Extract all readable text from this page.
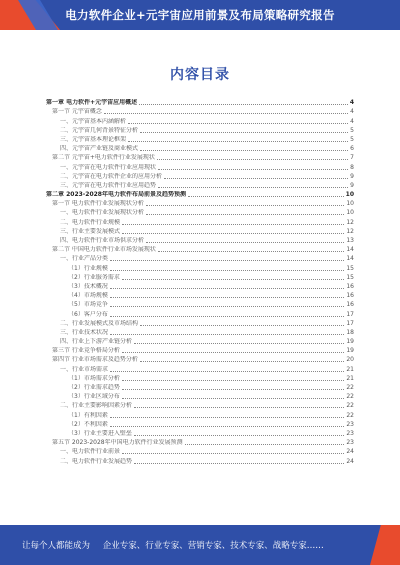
电力软件企业+元宇宙应用前景及布局策略研究报告
内容目录
第一章 电力软件+元宇宙应用概述	4
第一节 元宇宙概念	4
一、元宇宙基本内涵解析	4
二、元宇宙几何背景特征分析	5
三、元宇宙基本理论框架	5
四、元宇宙产业链及商业模式	6
第二节 元宇宙+电力软件行业发展现状	7
一、元宇宙在电力软件行业应用现状	8
二、元宇宙在电力软件企业的应用分析	9
三、元宇宙在电力软件行业应用趋势	9
第二章 2023-2028年电力软件布局前景及趋势预测	10
第一节 电力软件行业发展现状分析	10
一、电力软件行业发展现状分析	10
二、电力软件行业规模	12
三、行业主要发展模式	12
四、电力软件行业市场供求分析	13
第二节 中国电力软件行业市场发展现状	14
一、行业产品分类	14
（1）行业规模	15
（2）行业服务需求	15
（3）技术概况	16
（4）市场规模	16
（5）市场竞争	16
（6）客户分布	17
二、行业发展模式及市场结构	17
三、行业技术状况	18
四、行业上下游产业链分析	19
第三节 行业竞争格局分析	19
第四节 行业市场需求及趋势分析	20
一、行业市场需求	21
（1）市场需求分析	21
（2）行业需求趋势	22
（3）行业区域分布	22
二、行业主要影响因素分析	22
（1）有利因素	22
（2）不利因素	23
（3）行业主要进入壁垒	23
第五节 2023-2028年中国电力软件行业发展预测	23
一、电力软件行业前景	24
二、电力软件行业发展趋势	24
让每个人都能成为 企业专家、行业专家、营销专家、技术专家、战略专家……
